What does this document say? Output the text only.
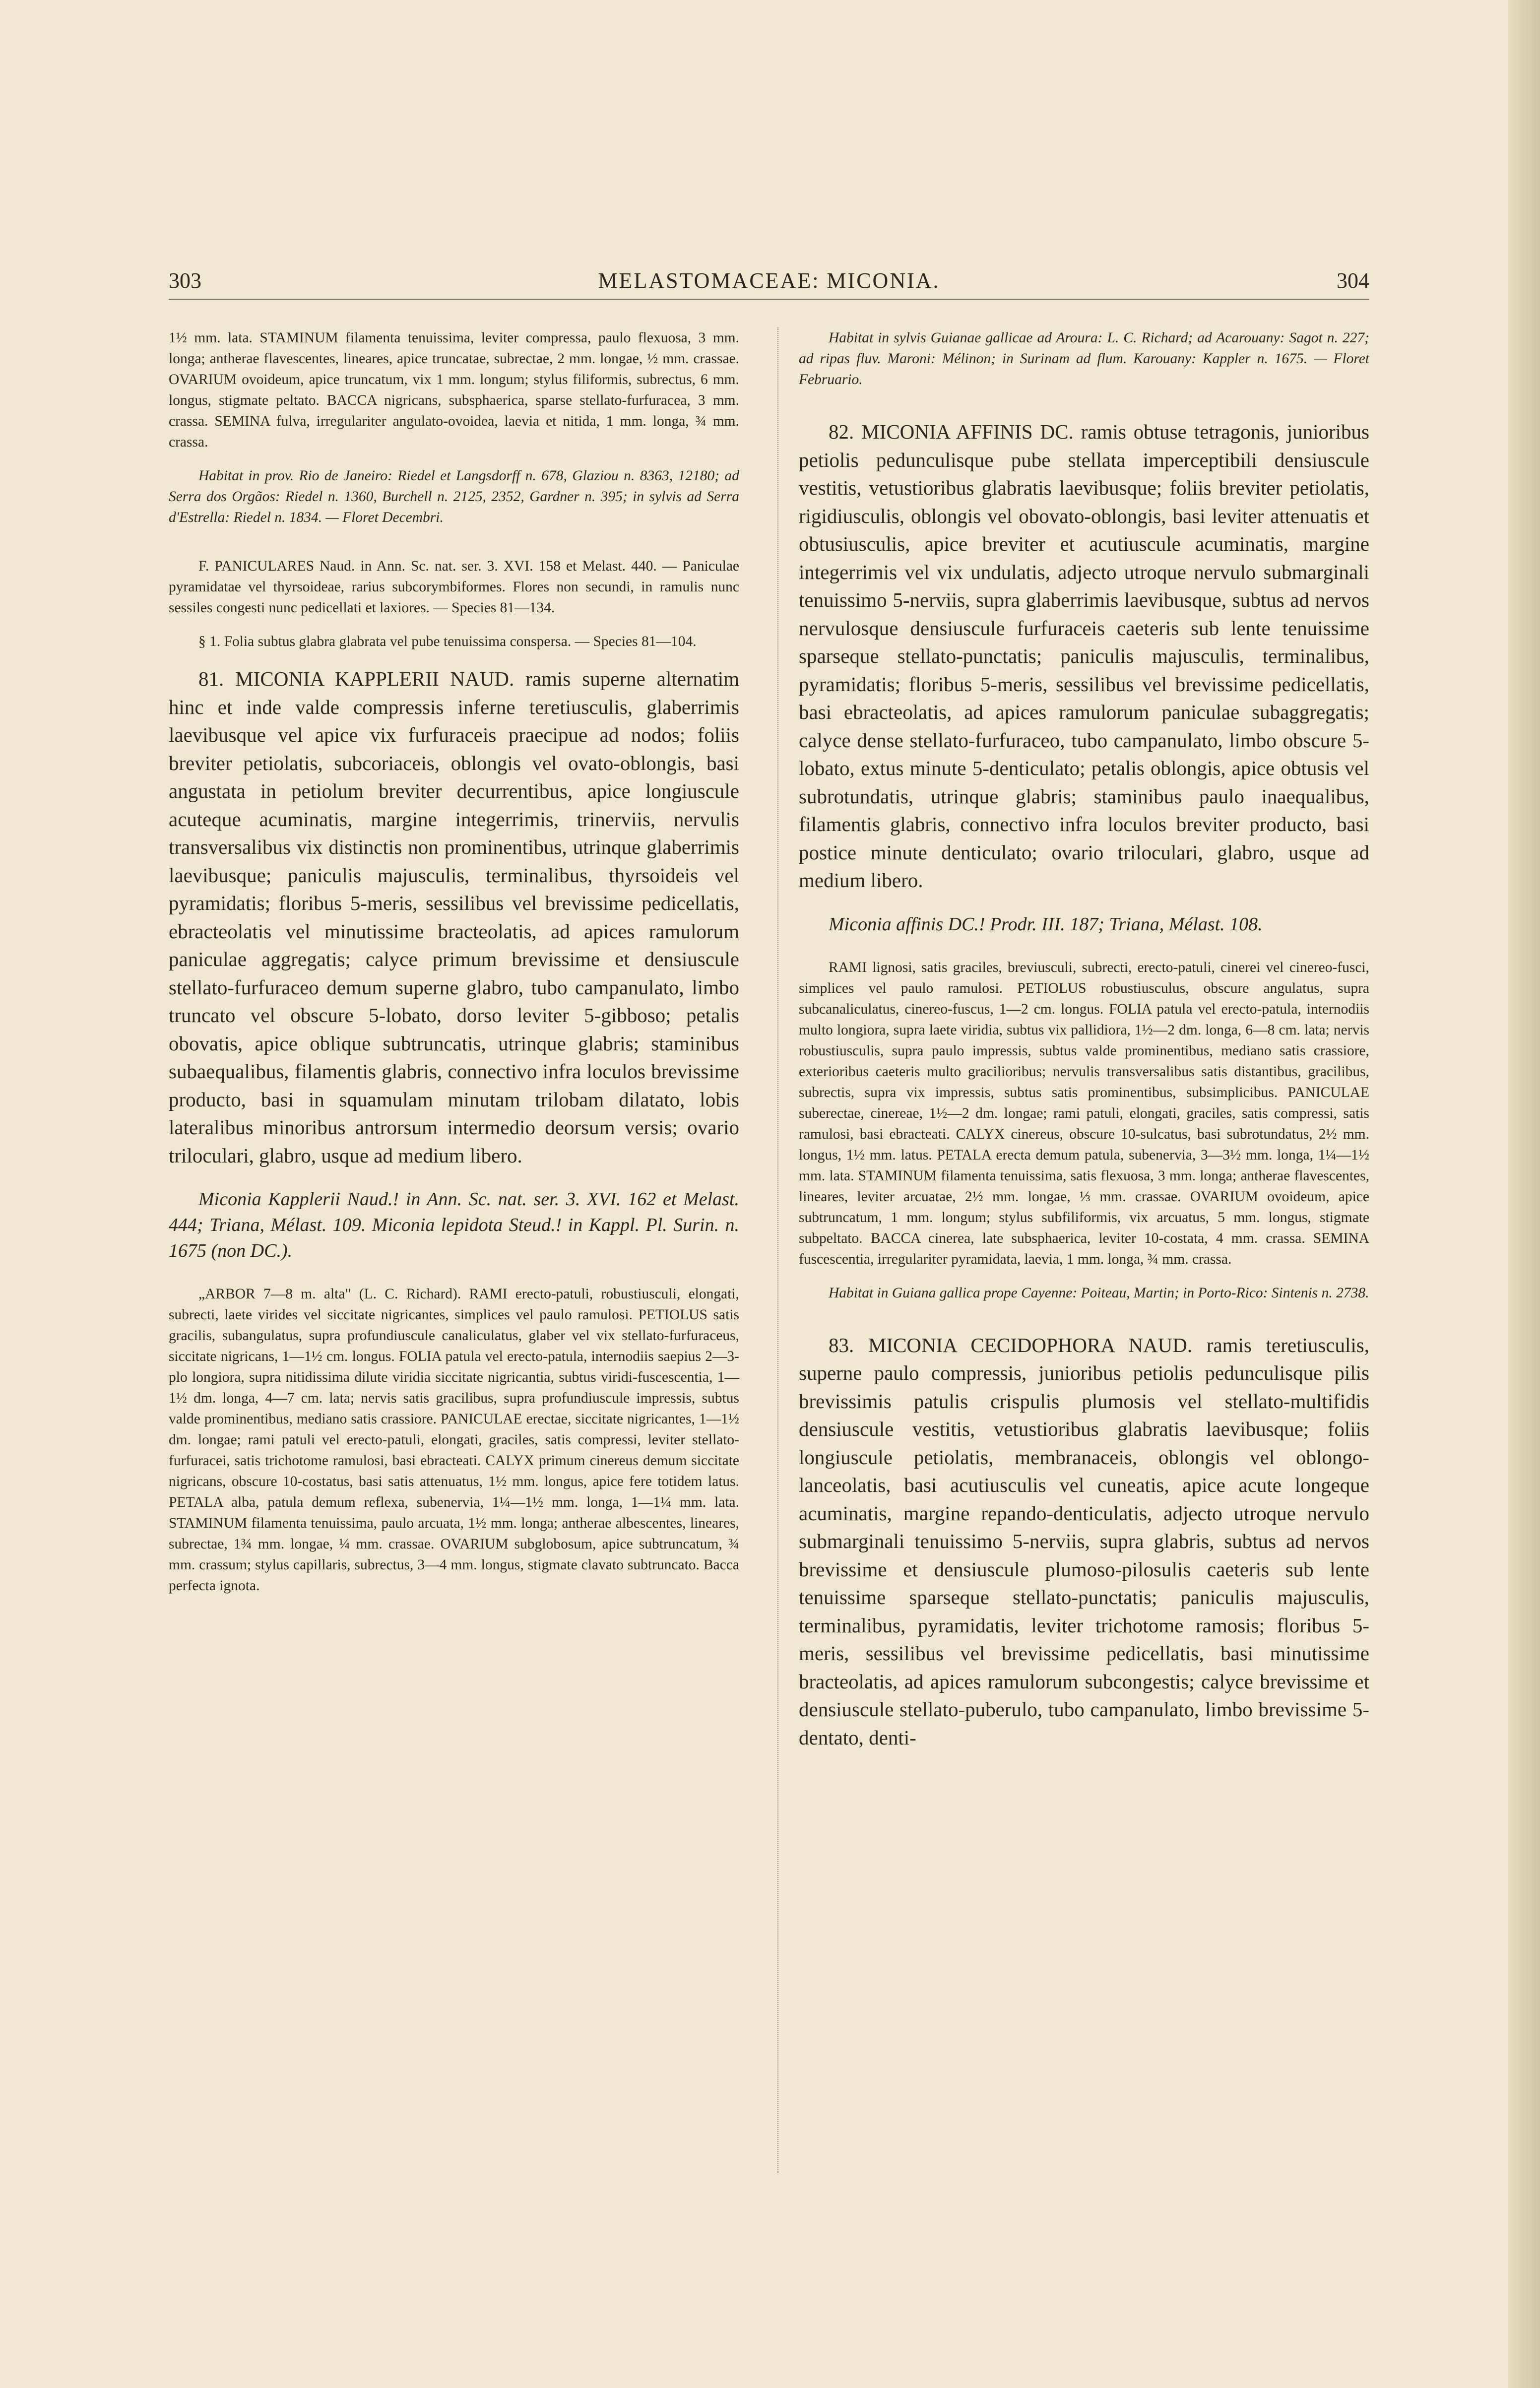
303	MELASTOMACEAE: MICONIA.	304

1½ mm. lata. STAMINUM filamenta tenuissima, leviter compressa, paulo flexuosa, 3 mm. longa; antherae flavescentes, lineares, apice truncatae, subrectae, 2 mm. longae, ½ mm. crassae. OVARIUM ovoideum, apice truncatum, vix 1 mm. longum; stylus filiformis, subrectus, 6 mm. longus, stigmate peltato. BACCA nigricans, subsphaerica, sparse stellato-furfuracea, 3 mm. crassa. SEMINA fulva, irregulariter angulato-ovoidea, laevia et nitida, 1 mm. longa, ¾ mm. crassa.

Habitat in prov. Rio de Janeiro: Riedel et Langsdorff n. 678, Glaziou n. 8363, 12180; ad Serra dos Orgãos: Riedel n. 1360, Burchell n. 2125, 2352, Gardner n. 395; in sylvis ad Serra d'Estrella: Riedel n. 1834. — Floret Decembri.

F. PANICULARES Naud. in Ann. Sc. nat. ser. 3. XVI. 158 et Melast. 440. — Paniculae pyramidatae vel thyrsoideae, rarius subcorymbiformes. Flores non secundi, in ramulis nunc sessiles congesti nunc pedicellati et laxiores. — Species 81—134.

§ 1. Folia subtus glabra glabrata vel pube tenuissima conspersa. — Species 81—104.

81. MICONIA KAPPLERII NAUD. ramis superne alternatim hinc et inde valde compressis inferne teretiusculis, glaberrimis laevibusque vel apice vix furfuraceis praecipue ad nodos; foliis breviter petiolatis, subcoriaceis, oblongis vel ovato-oblongis, basi angustata in petiolum breviter decurrentibus, apice longiuscule acuteque acuminatis, margine integerrimis, trinerviis, nervulis transversalibus vix distinctis non prominentibus, utrinque glaberrimis laevibusque; paniculis majusculis, terminalibus, thyrsoideis vel pyramidatis; floribus 5-meris, sessilibus vel brevissime pedicellatis, ebracteolatis vel minutissime bracteolatis, ad apices ramulorum paniculae aggregatis; calyce primum brevissime et densiuscule stellato-furfuraceo demum superne glabro, tubo campanulato, limbo truncato vel obscure 5-lobato, dorso leviter 5-gibboso; petalis obovatis, apice oblique subtruncatis, utrinque glabris; staminibus subaequalibus, filamentis glabris, connectivo infra loculos brevissime producto, basi in squamulam minutam trilobam dilatato, lobis lateralibus minoribus antrorsum intermedio deorsum versis; ovario triloculari, glabro, usque ad medium libero.

Miconia Kapplerii Naud.! in Ann. Sc. nat. ser. 3. XVI. 162 et Melast. 444; Triana, Mélast. 109. Miconia lepidota Steud.! in Kappl. Pl. Surin. n. 1675 (non DC.).

„ARBOR 7—8 m. alta" (L. C. Richard). RAMI erecto-patuli, robustiusculi, elongati, subrecti, laete virides vel siccitate nigricantes, simplices vel paulo ramulosi. PETIOLUS satis gracilis, subangulatus, supra profundiuscule canaliculatus, glaber vel vix stellato-furfuraceus, siccitate nigricans, 1—1½ cm. longus. FOLIA patula vel erecto-patula, internodiis saepius 2—3-plo longiora, supra nitidissima dilute viridia siccitate nigricantia, subtus viridi-fuscescentia, 1—1½ dm. longa, 4—7 cm. lata; nervis satis gracilibus, supra profundiuscule impressis, subtus valde prominentibus, mediano satis crassiore. PANICULAE erectae, siccitate nigricantes, 1—1½ dm. longae; rami patuli vel erecto-patuli, elongati, graciles, satis compressi, leviter stellato-furfuracei, satis trichotome ramulosi, basi ebracteati. CALYX primum cinereus demum siccitate nigricans, obscure 10-costatus, basi satis attenuatus, 1½ mm. longus, apice fere totidem latus. PETALA alba, patula demum reflexa, subenervia, 1¼—1½ mm. longa, 1—1¼ mm. lata. STAMINUM filamenta tenuissima, paulo arcuata, 1½ mm. longa; antherae albescentes, lineares, subrectae, 1¾ mm. longae, ¼ mm. crassae. OVARIUM subglobosum, apice subtruncatum, ¾ mm. crassum; stylus capillaris, subrectus, 3—4 mm. longus, stigmate clavato subtruncato. Bacca perfecta ignota.

Habitat in sylvis Guianae gallicae ad Aroura: L. C. Richard; ad Acarouany: Sagot n. 227; ad ripas fluv. Maroni: Mélinon; in Surinam ad flum. Karouany: Kappler n. 1675. — Floret Februario.

82. MICONIA AFFINIS DC. ramis obtuse tetragonis, junioribus petiolis pedunculisque pube stellata imperceptibili densiuscule vestitis, vetustioribus glabratis laevibusque; foliis breviter petiolatis, rigidiusculis, oblongis vel obovato-oblongis, basi leviter attenuatis et obtusiusculis, apice breviter et acutiuscule acuminatis, margine integerrimis vel vix undulatis, adjecto utroque nervulo submarginali tenuissimo 5-nerviis, supra glaberrimis laevibusque, subtus ad nervos nervulosque densiuscule furfuraceis caeteris sub lente tenuissime sparseque stellato-punctatis; paniculis majusculis, terminalibus, pyramidatis; floribus 5-meris, sessilibus vel brevissime pedicellatis, basi ebracteolatis, ad apices ramulorum paniculae subaggregatis; calyce dense stellato-furfuraceo, tubo campanulato, limbo obscure 5-lobato, extus minute 5-denticulato; petalis oblongis, apice obtusis vel subrotundatis, utrinque glabris; staminibus paulo inaequalibus, filamentis glabris, connectivo infra loculos breviter producto, basi postice minute denticulato; ovario triloculari, glabro, usque ad medium libero.

Miconia affinis DC.! Prodr. III. 187; Triana, Mélast. 108.

RAMI lignosi, satis graciles, breviusculi, subrecti, erecto-patuli, cinerei vel cinereo-fusci, simplices vel paulo ramulosi. PETIOLUS robustiusculus, obscure angulatus, supra subcanaliculatus, cinereo-fuscus, 1—2 cm. longus. FOLIA patula vel erecto-patula, internodiis multo longiora, supra laete viridia, subtus vix pallidiora, 1½—2 dm. longa, 6—8 cm. lata; nervis robustiusculis, supra paulo impressis, subtus valde prominentibus, mediano satis crassiore, exterioribus caeteris multo gracilioribus; nervulis transversalibus satis distantibus, gracilibus, subrectis, supra vix impressis, subtus satis prominentibus, subsimplicibus. PANICULAE suberectae, cinereae, 1½—2 dm. longae; rami patuli, elongati, graciles, satis compressi, satis ramulosi, basi ebracteati. CALYX cinereus, obscure 10-sulcatus, basi subrotundatus, 2½ mm. longus, 1½ mm. latus. PETALA erecta demum patula, subenervia, 3—3½ mm. longa, 1¼—1½ mm. lata. STAMINUM filamenta tenuissima, satis flexuosa, 3 mm. longa; antherae flavescentes, lineares, leviter arcuatae, 2½ mm. longae, ⅓ mm. crassae. OVARIUM ovoideum, apice subtruncatum, 1 mm. longum; stylus subfiliformis, vix arcuatus, 5 mm. longus, stigmate subpeltato. BACCA cinerea, late subsphaerica, leviter 10-costata, 4 mm. crassa. SEMINA fuscescentia, irregulariter pyramidata, laevia, 1 mm. longa, ¾ mm. crassa.

Habitat in Guiana gallica prope Cayenne: Poiteau, Martin; in Porto-Rico: Sintenis n. 2738.

83. MICONIA CECIDOPHORA NAUD. ramis teretiusculis, superne paulo compressis, junioribus petiolis pedunculisque pilis brevissimis patulis crispulis plumosis vel stellato-multifidis densiuscule vestitis, vetustioribus glabratis laevibusque; foliis longiuscule petiolatis, membranaceis, oblongis vel oblongo-lanceolatis, basi acutiusculis vel cuneatis, apice acute longeque acuminatis, margine repando-denticulatis, adjecto utroque nervulo submarginali tenuissimo 5-nerviis, supra glabris, subtus ad nervos brevissime et densiuscule plumoso-pilosulis caeteris sub lente tenuissime sparseque stellato-punctatis; paniculis majusculis, terminalibus, pyramidatis, leviter trichotome ramosis; floribus 5-meris, sessilibus vel brevissime pedicellatis, basi minutissime bracteolatis, ad apices ramulorum subcongestis; calyce brevissime et densiuscule stellato-puberulo, tubo campanulato, limbo brevissime 5-dentato, denti-
